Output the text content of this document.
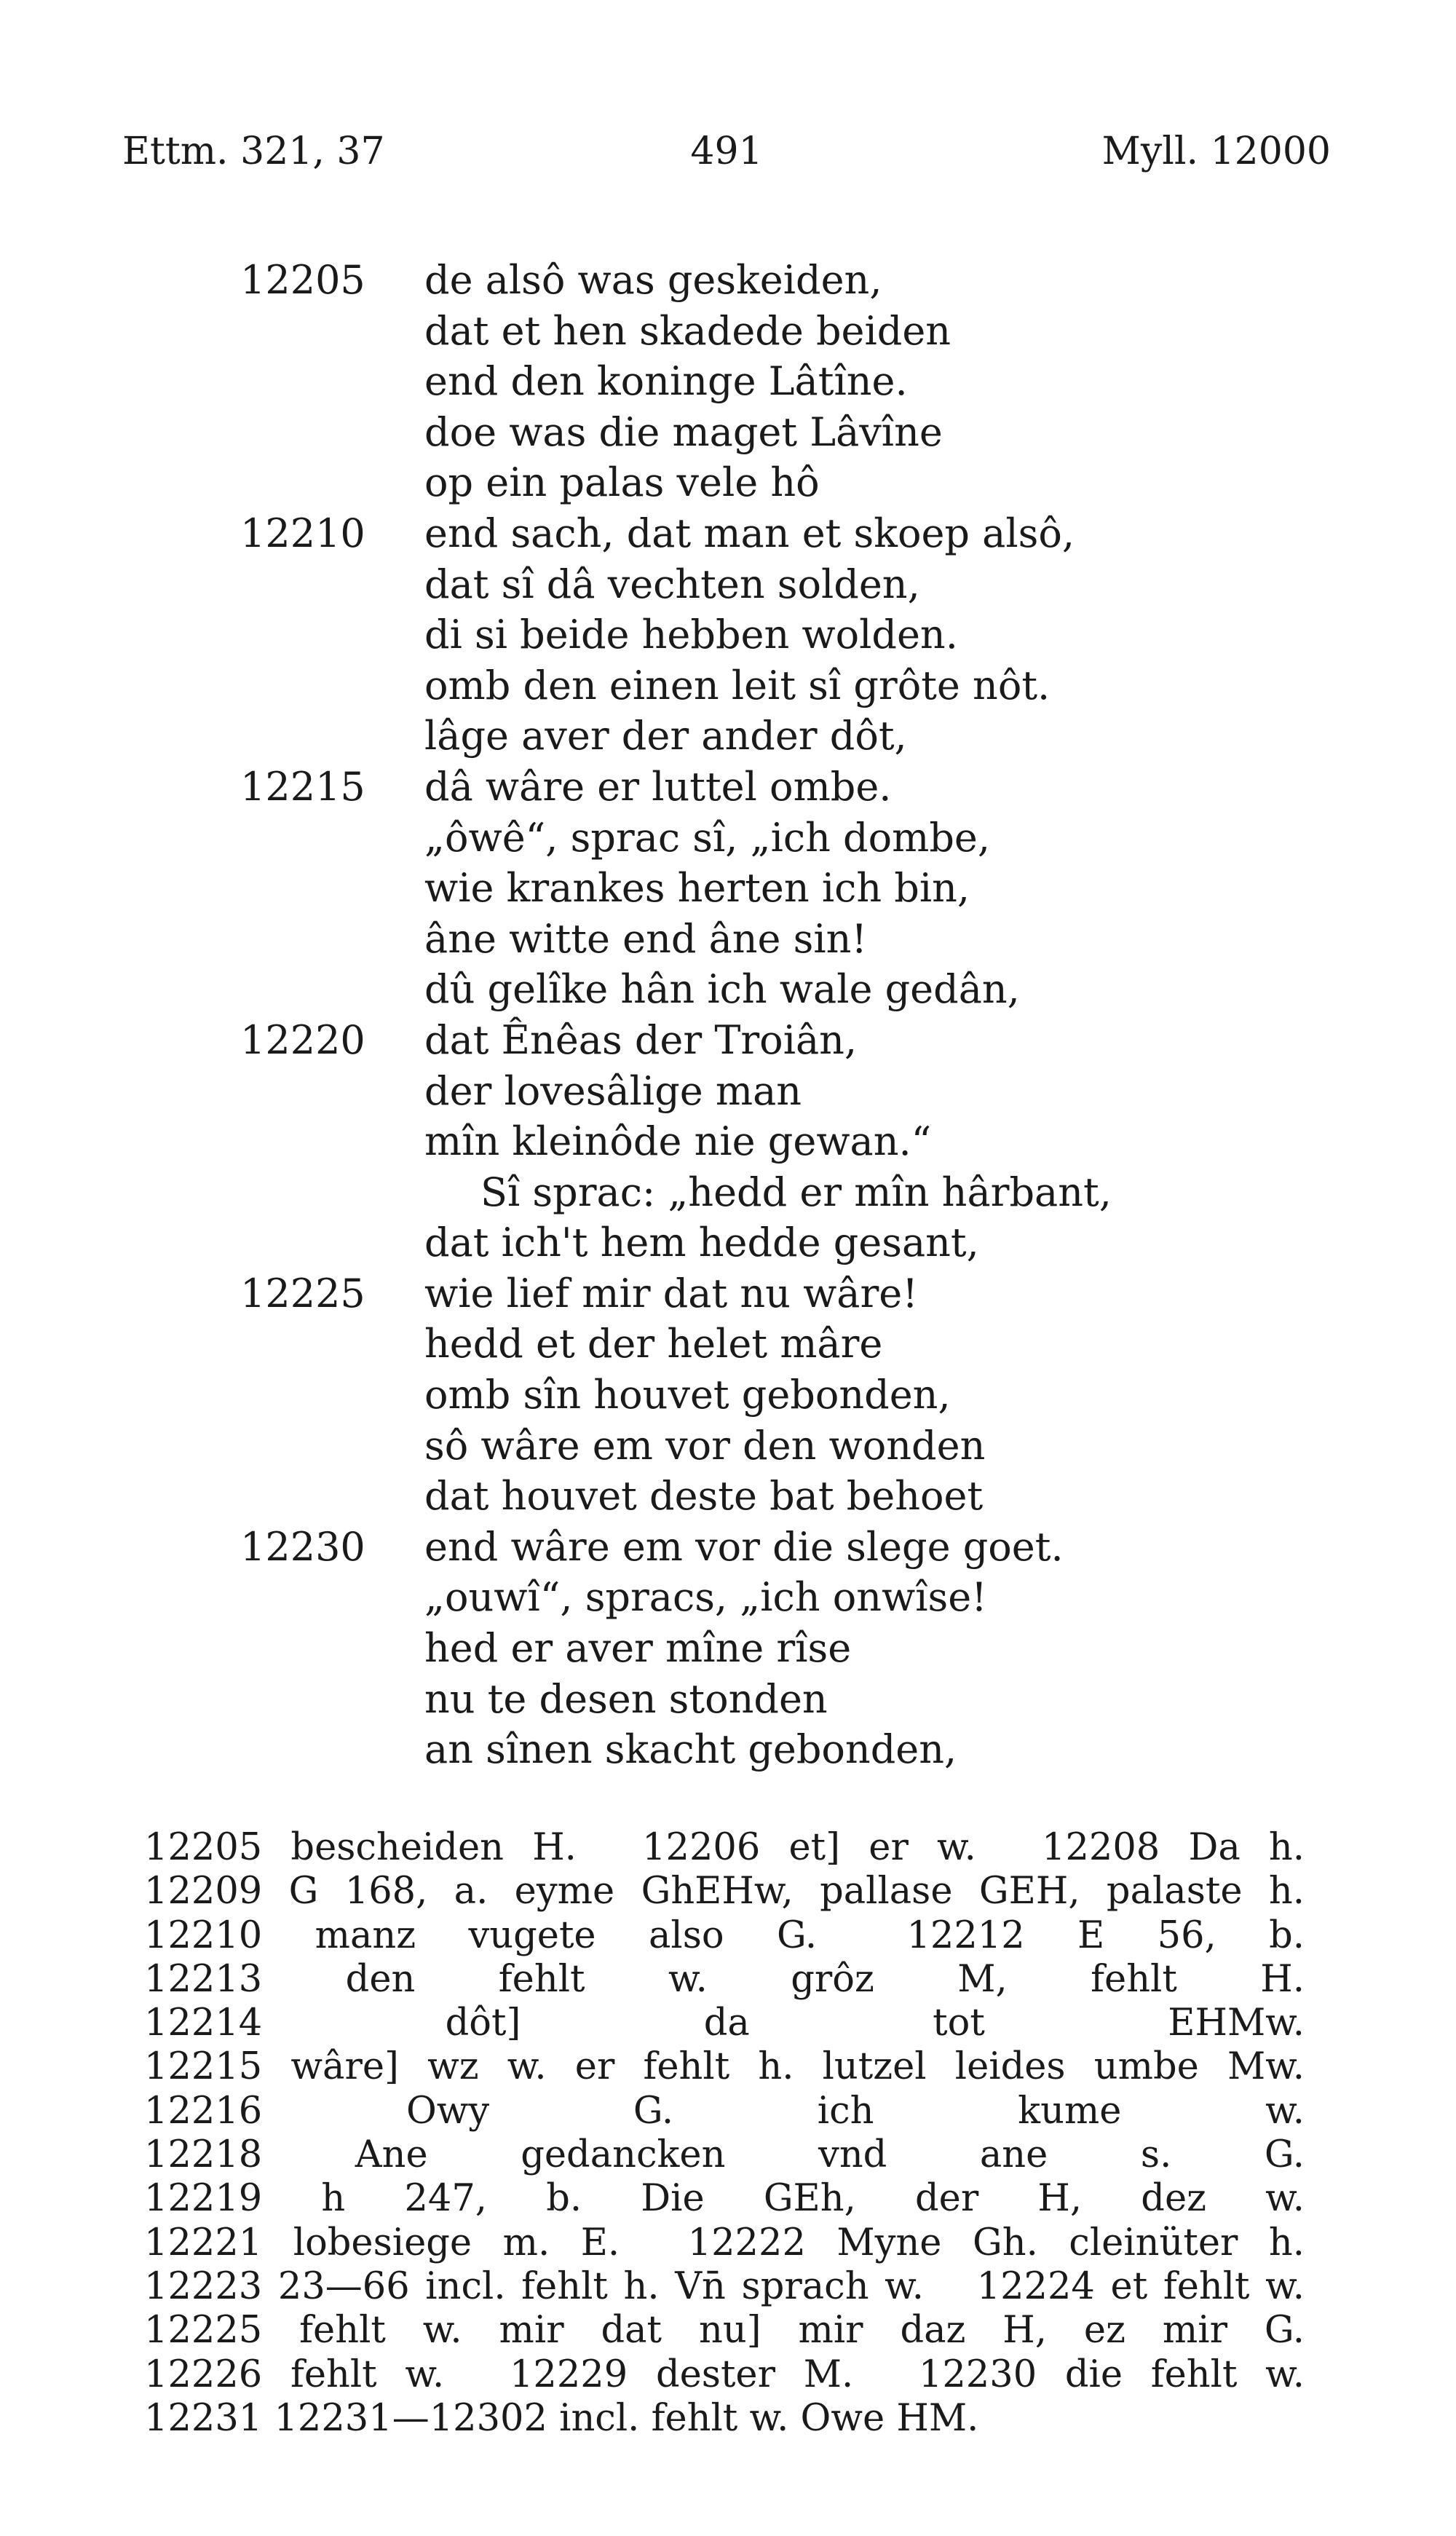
Ettm. 321, 37	491	Myll. 12000
12205	de alsô was geskeiden,
dat et hen skadede beiden
end den koninge Lâtîne.
doe was die maget Lâvîne
op ein palas vele hô
12210	end sach, dat man et skoep alsô,
dat sî dâ vechten solden,
di si beide hebben wolden.
omb den einen leit sî grôte nôt.
lâge aver der ander dôt,
12215	dâ wâre er luttel ombe.
„ôwê“, sprac sî, „ich dombe,
wie krankes herten ich bin,
âne witte end âne sin!
dû gelîke hân ich wale gedân,
12220	dat Ênêas der Troiân,
der lovesâlige man
mîn kleinôde nie gewan.“
Sî sprac: „hedd er mîn hârbant,
dat ich't hem hedde gesant,
12225	wie lief mir dat nu wâre!
hedd et der helet mâre
omb sîn houvet gebonden,
sô wâre em vor den wonden
dat houvet deste bat behoet
12230	end wâre em vor die slege goet.
„ouwî“, spracs, „ich onwîse!
hed er aver mîne rîse
nu te desen stonden
an sînen skacht gebonden,

12205 bescheiden H.  12206 et] er w.  12208 Da h.  12209 G 168, a. eyme GhEHw, pallase GEH, palaste h.  12210 manz vugete also G.  12212 E 56, b.  12213 den fehlt w. grôz M, fehlt H.  12214 dôt] da tot EHMw.  12215 wâre] wz w. er fehlt h. lutzel leides umbe Mw.  12216 Owy G. ich kume w.  12218 Ane gedancken vnd ane s. G.  12219 h 247, b. Die GEh, der H, dez w.  12221 lobesiege m. E.  12222 Myne Gh. cleinüter h.  12223 23—66 incl. fehlt h. Vn̄ sprach w.  12224 et fehlt w.  12225 fehlt w. mir dat nu] mir daz H, ez mir G.  12226 fehlt w.  12229 dester M.  12230 die fehlt w.  12231 12231—12302 incl. fehlt w. Owe HM. 
